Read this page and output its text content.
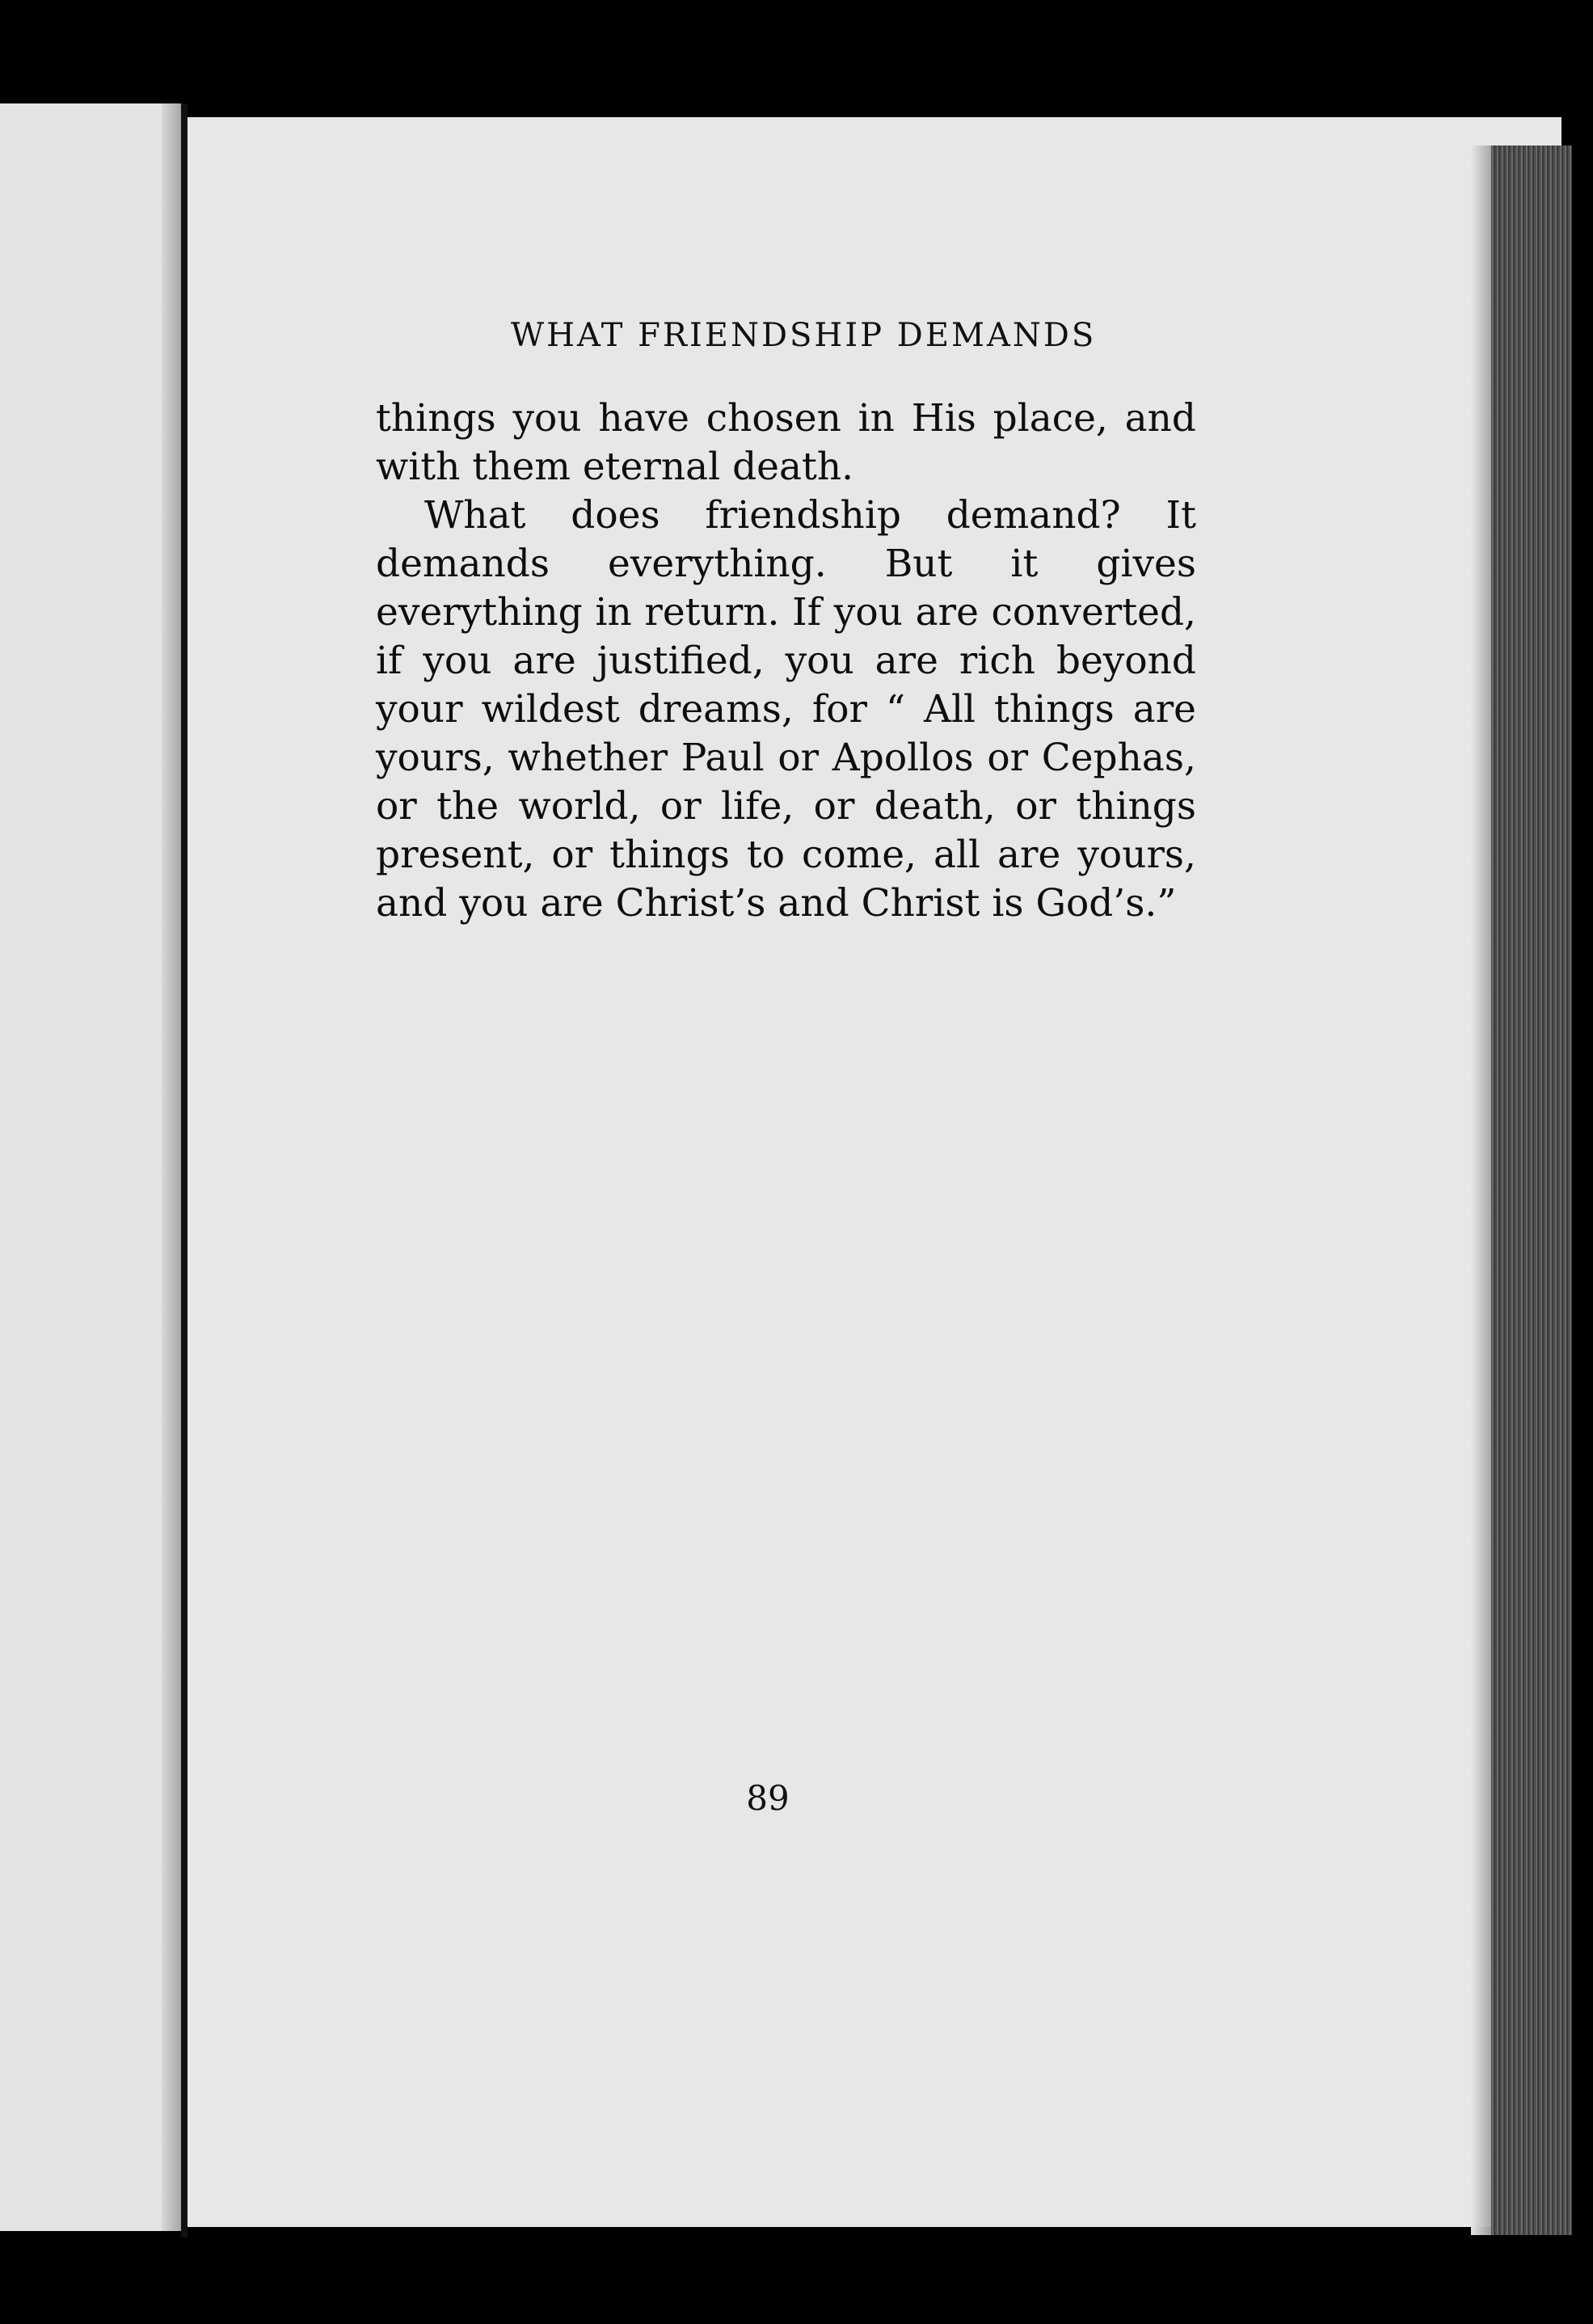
WHAT FRIENDSHIP DEMANDS

things you have chosen in His place, and with them eternal death.

What does friendship demand? It demands everything. But it gives everything in return. If you are converted, if you are justified, you are rich beyond your wildest dreams, for “ All things are yours, whether Paul or Apollos or Cephas, or the world, or life, or death, or things present, or things to come, all are yours, and you are Christ’s and Christ is God’s.”

89
